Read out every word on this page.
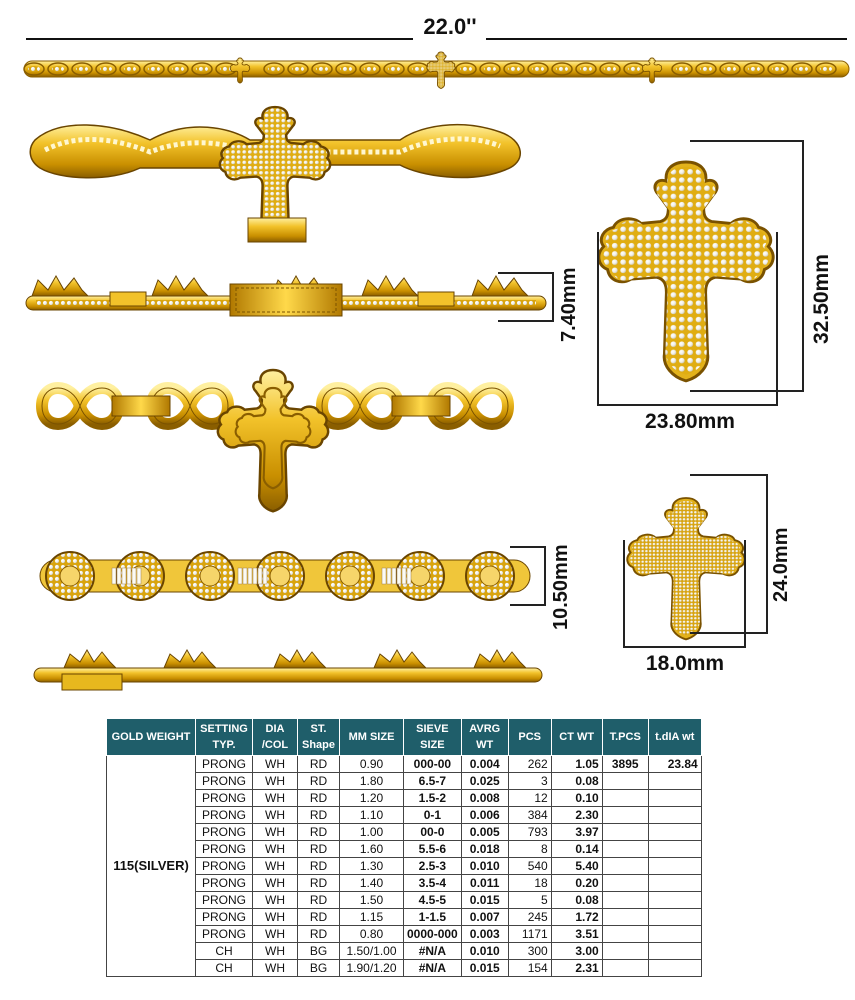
22.0''
7.40mm	32.50mm
23.80mm
10.50mm	24.0mm
18.0mm
GOLD WEIGHT	SETTING TYP.	DIA /COL	ST. Shape	MM SIZE	SIEVE SIZE	AVRG WT	PCS	CT WT	T.PCS	t.dIA wt
115(SILVER)	PRONG	WH	RD	0.90	000-00	0.004	262	1.05	3895	23.84
	PRONG	WH	RD	1.80	6.5-7	0.025	3	0.08		
	PRONG	WH	RD	1.20	1.5-2	0.008	12	0.10		
	PRONG	WH	RD	1.10	0-1	0.006	384	2.30		
	PRONG	WH	RD	1.00	00-0	0.005	793	3.97		
	PRONG	WH	RD	1.60	5.5-6	0.018	8	0.14		
	PRONG	WH	RD	1.30	2.5-3	0.010	540	5.40		
	PRONG	WH	RD	1.40	3.5-4	0.011	18	0.20		
	PRONG	WH	RD	1.50	4.5-5	0.015	5	0.08		
	PRONG	WH	RD	1.15	1-1.5	0.007	245	1.72		
	PRONG	WH	RD	0.80	0000-000	0.003	1171	3.51		
	CH	WH	BG	1.50/1.00	#N/A	0.010	300	3.00		
	CH	WH	BG	1.90/1.20	#N/A	0.015	154	2.31		
